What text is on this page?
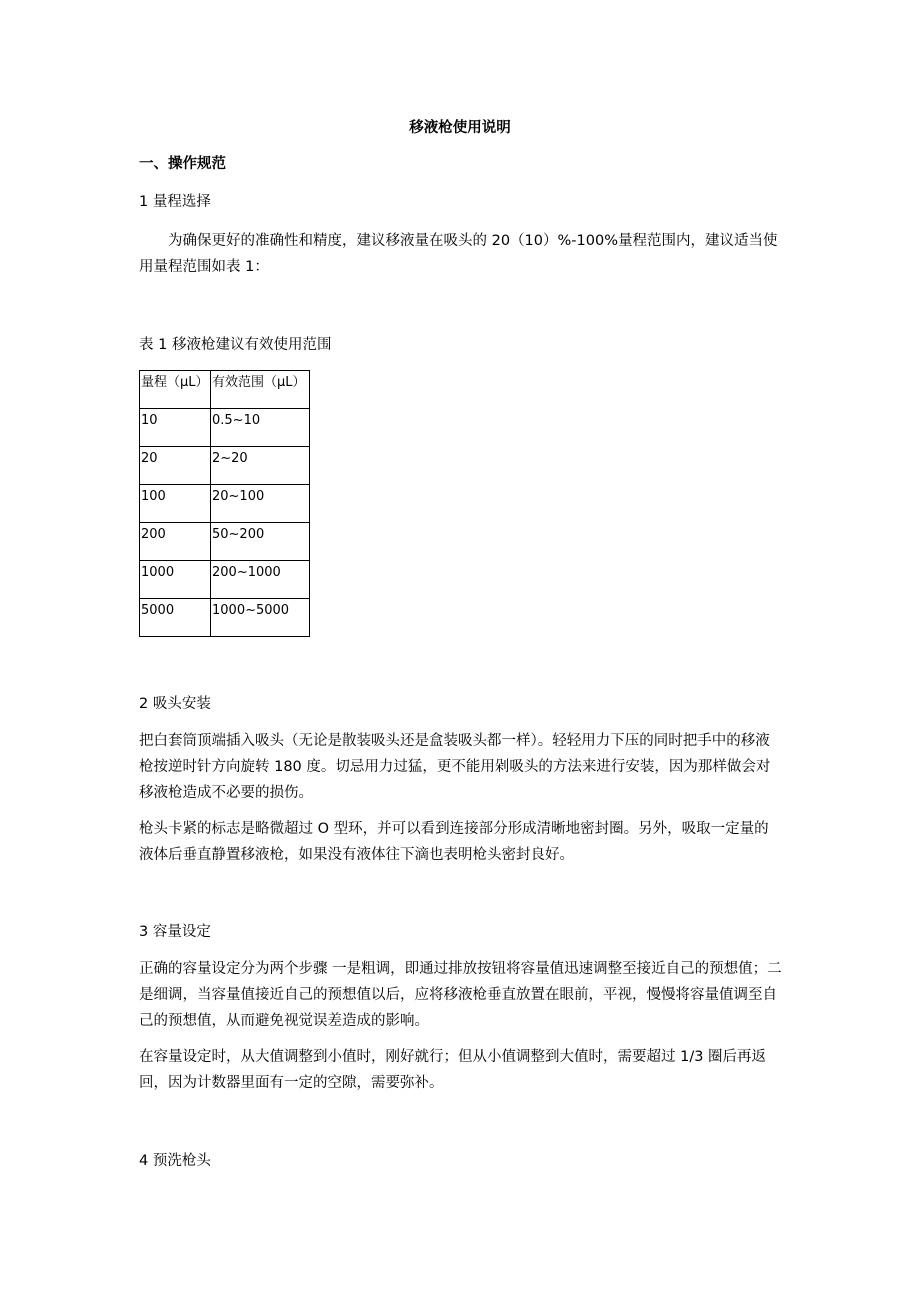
移液枪使用说明

一、操作规范

1 量程选择

为确保更好的准确性和精度，建议移液量在吸头的 20（10）%-100%量程范围内，建议适当使用量程范围如表 1：

表 1 移液枪建议有效使用范围

量程（μL）	有效范围（μL）
10	0.5~10
20	2~20
100	20~100
200	50~200
1000	200~1000
5000	1000~5000

2 吸头安装

把白套筒顶端插入吸头（无论是散装吸头还是盒装吸头都一样）。轻轻用力下压的同时把手中的移液枪按逆时针方向旋转 180 度。切忌用力过猛，更不能用剁吸头的方法来进行安装，因为那样做会对移液枪造成不必要的损伤。

枪头卡紧的标志是略微超过 O 型环，并可以看到连接部分形成清晰地密封圈。另外，吸取一定量的液体后垂直静置移液枪，如果没有液体往下滴也表明枪头密封良好。

3 容量设定

正确的容量设定分为两个步骤 一是粗调，即通过排放按钮将容量值迅速调整至接近自己的预想值；二是细调，当容量值接近自己的预想值以后，应将移液枪垂直放置在眼前，平视，慢慢将容量值调至自己的预想值，从而避免视觉误差造成的影响。

在容量设定时，从大值调整到小值时，刚好就行；但从小值调整到大值时，需要超过 1/3 圈后再返回，因为计数器里面有一定的空隙，需要弥补。

4 预洗枪头
